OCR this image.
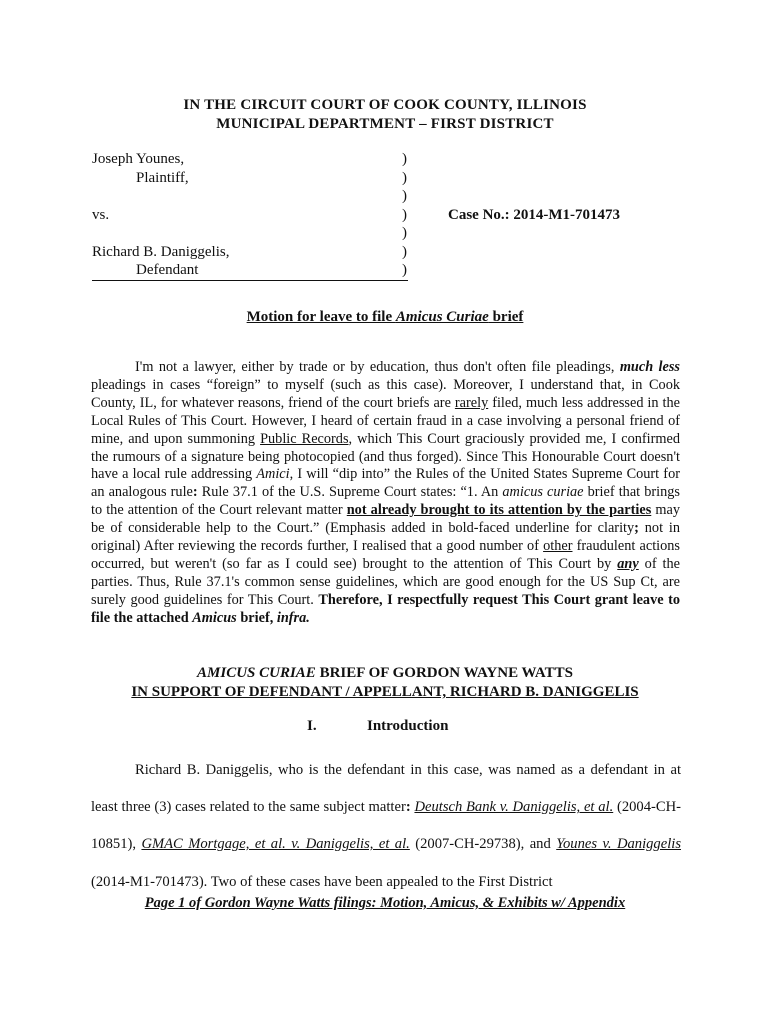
IN THE CIRCUIT COURT OF COOK COUNTY, ILLINOIS
MUNICIPAL DEPARTMENT – FIRST DISTRICT
Joseph Younes,	)
Plaintiff,	)
)
vs.	)	Case No.: 2014-M1-701473
)
Richard B. Daniggelis,	)
Defendant	)
Motion for leave to file Amicus Curiae brief
I'm not a lawyer, either by trade or by education, thus don't often file pleadings, much less pleadings in cases “foreign” to myself (such as this case). Moreover, I understand that, in Cook County, IL, for whatever reasons, friend of the court briefs are rarely filed, much less addressed in the Local Rules of This Court. However, I heard of certain fraud in a case involving a personal friend of mine, and upon summoning Public Records, which This Court graciously provided me, I confirmed the rumours of a signature being photocopied (and thus forged). Since This Honourable Court doesn't have a local rule addressing Amici, I will “dip into” the Rules of the United States Supreme Court for an analogous rule: Rule 37.1 of the U.S. Supreme Court states: “1. An amicus curiae brief that brings to the attention of the Court relevant matter not already brought to its attention by the parties may be of considerable help to the Court.” (Emphasis added in bold-faced underline for clarity; not in original) After reviewing the records further, I realised that a good number of other fraudulent actions occurred, but weren't (so far as I could see) brought to the attention of This Court by any of the parties. Thus, Rule 37.1's common sense guidelines, which are good enough for the US Sup Ct, are surely good guidelines for This Court. Therefore, I respectfully request This Court grant leave to file the attached Amicus brief, infra.
AMICUS CURIAE BRIEF OF GORDON WAYNE WATTS
IN SUPPORT OF DEFENDANT / APPELLANT, RICHARD B. DANIGGELIS
I.	Introduction
Richard B. Daniggelis, who is the defendant in this case, was named as a defendant in at least three (3) cases related to the same subject matter: Deutsch Bank v. Daniggelis, et al. (2004-CH-10851), GMAC Mortgage, et al. v. Daniggelis, et al. (2007-CH-29738), and Younes v. Daniggelis (2014-M1-701473). Two of these cases have been appealed to the First District
Page 1 of Gordon Wayne Watts filings: Motion, Amicus, & Exhibits w/ Appendix
